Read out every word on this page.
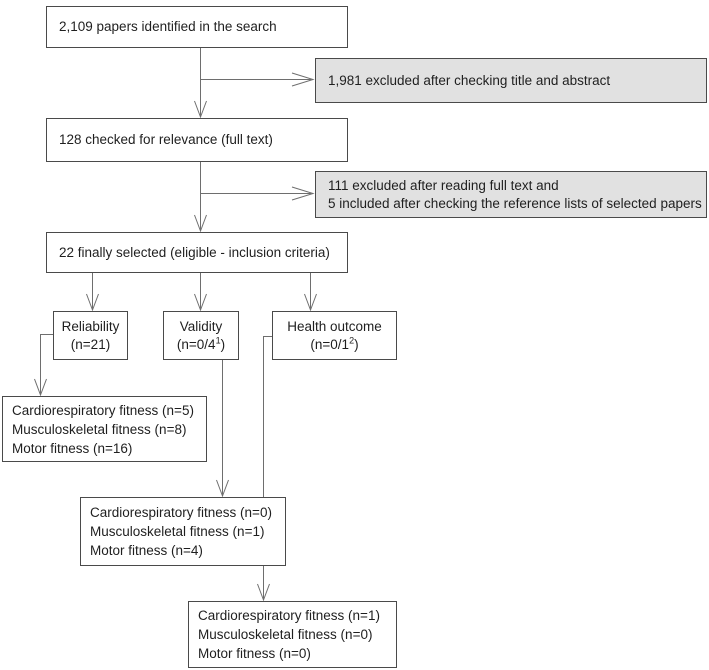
2,109 papers identified in the search
1,981 excluded after checking title and abstract
128 checked for relevance (full text)
111 excluded after reading full text and
5 included after checking the reference lists of selected papers
22 finally selected (eligible - inclusion criteria)
Reliability
(n=21)
Validity
$(n=0/4^1)$
Health outcome
$(n=0/1^2)$
Cardiorespiratory fitness (n=5)
Musculoskeletal fitness (n=8)
Motor fitness (n=16)
Cardiorespiratory fitness (n=0)
Musculoskeletal fitness (n=1)
Motor fitness (n=4)
Cardiorespiratory fitness (n=1)
Musculoskeletal fitness (n=0)
Motor fitness (n=0)
